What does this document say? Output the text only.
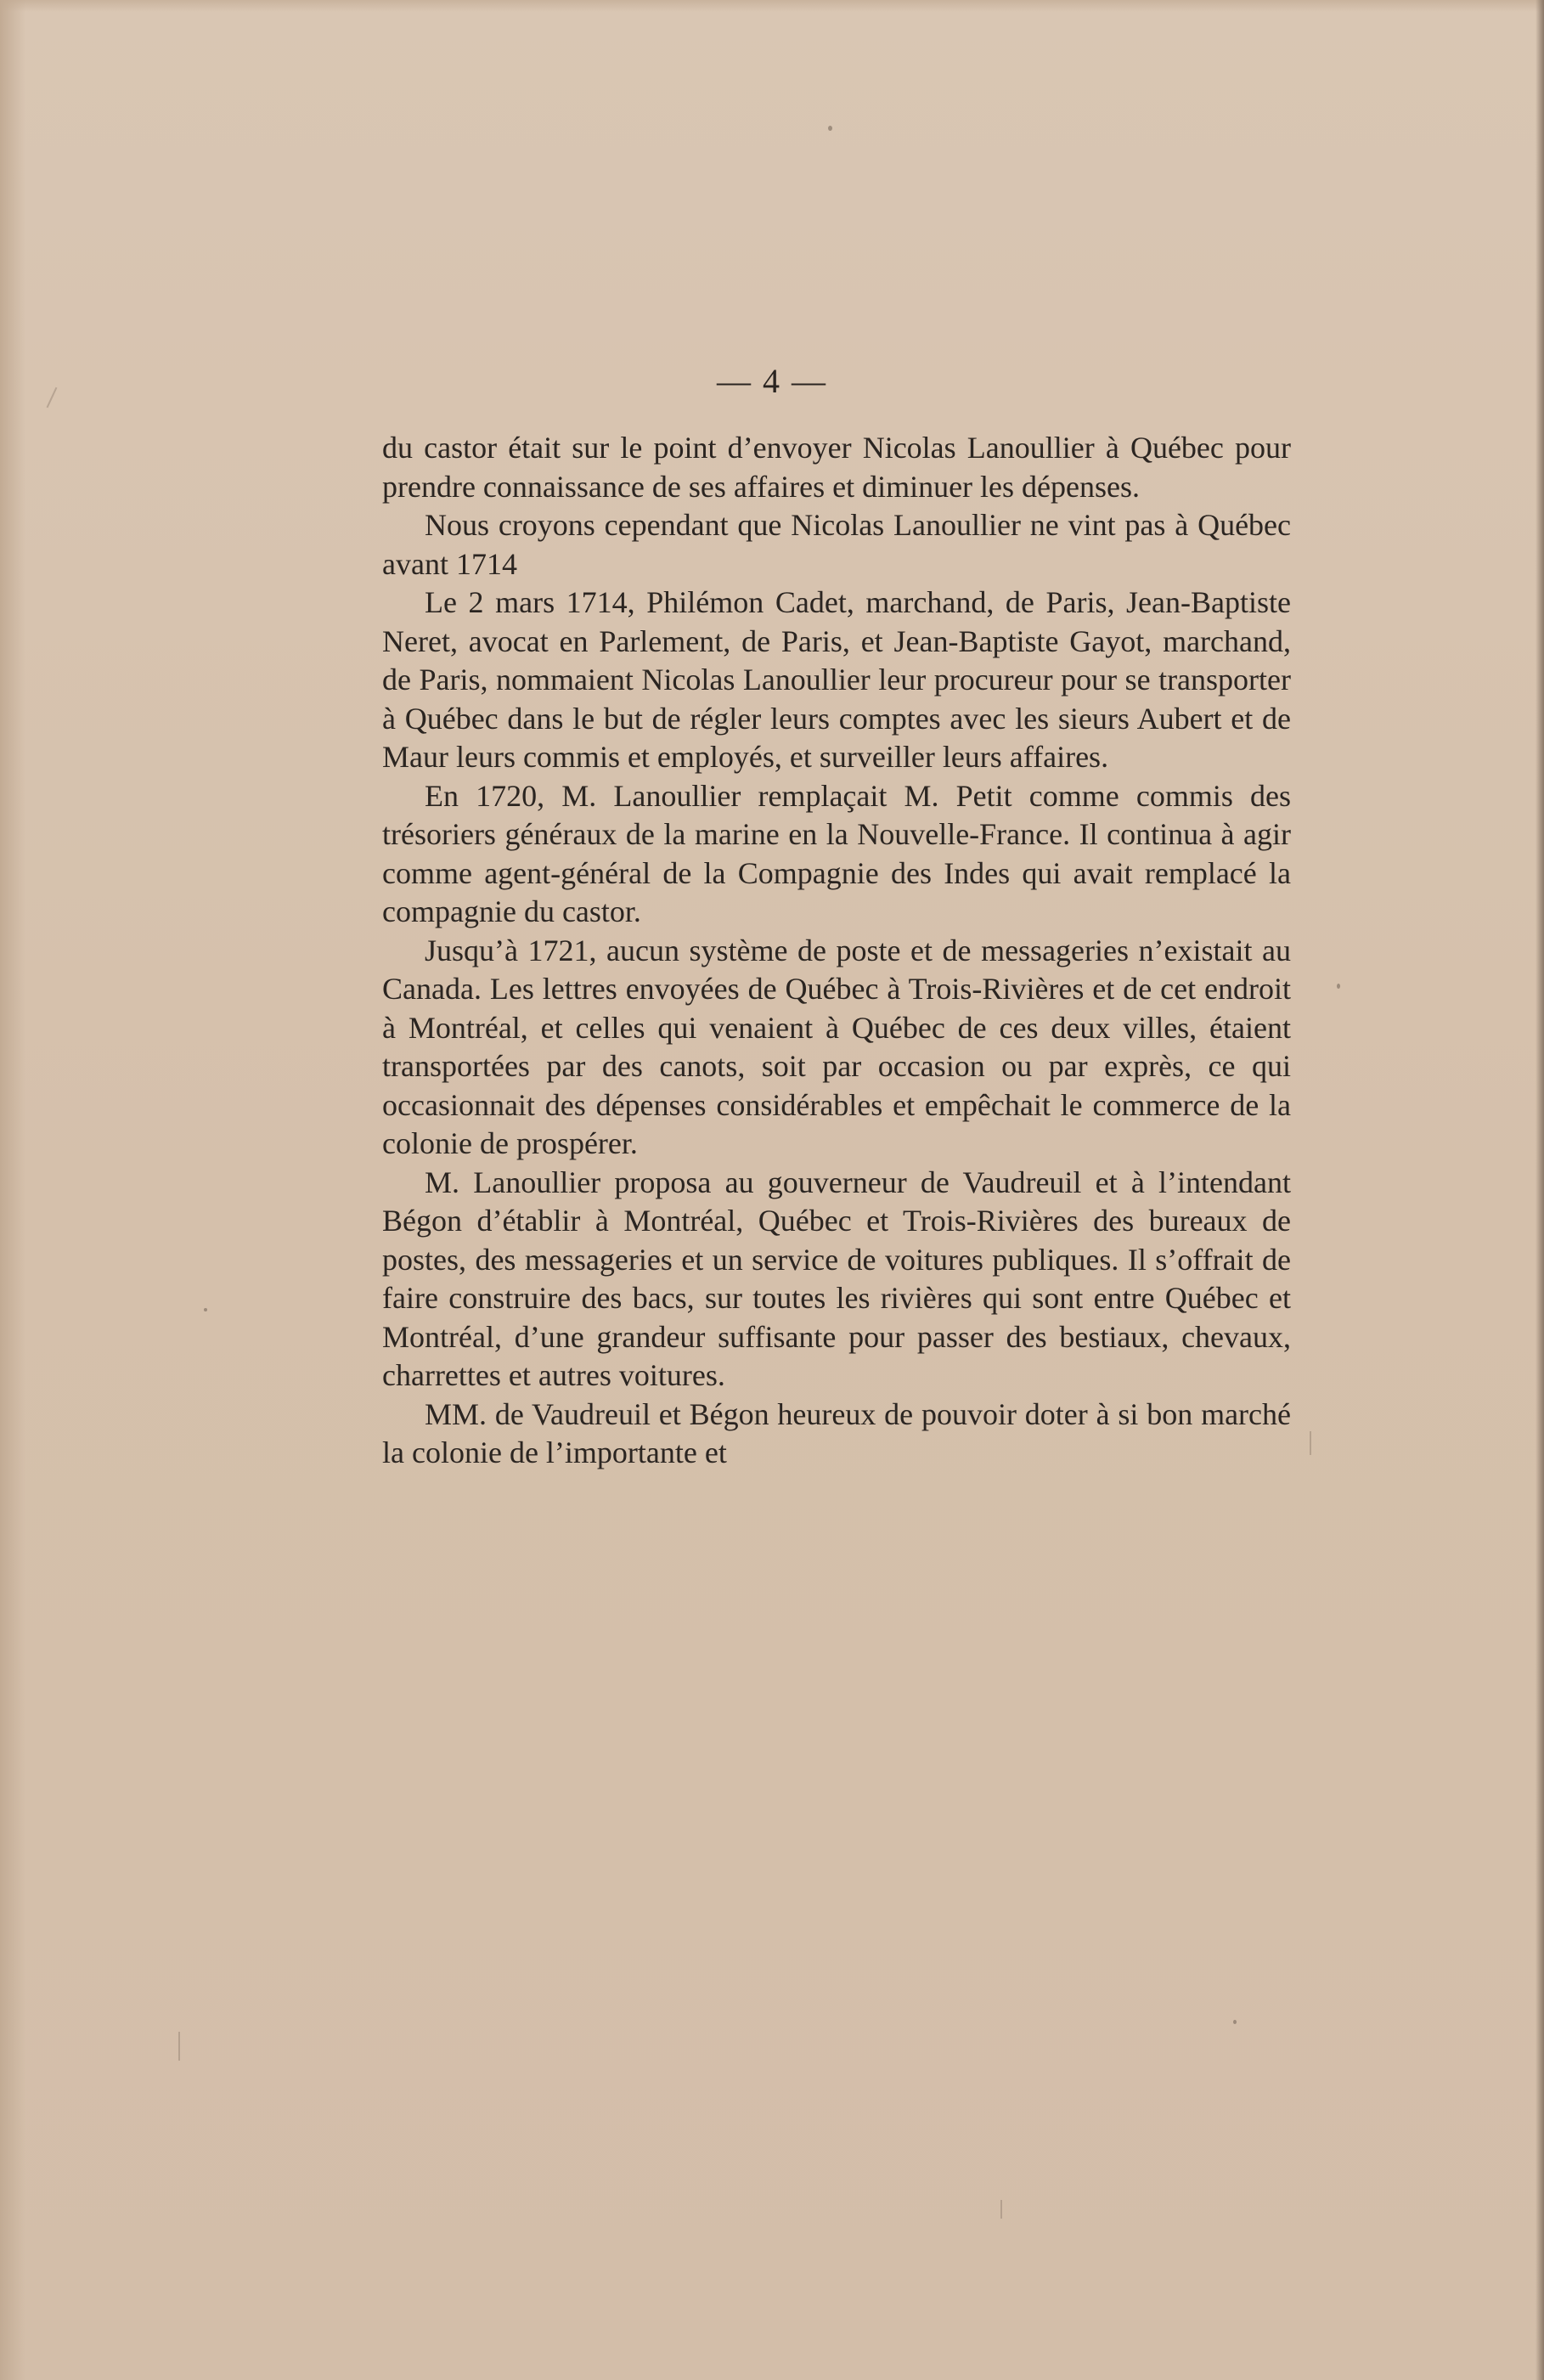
— 4 —

du castor était sur le point d’envoyer Nicolas Lanoullier à Québec pour prendre connaissance de ses affaires et diminuer les dépenses.

Nous croyons cependant que Nicolas Lanoullier ne vint pas à Québec avant 1714

Le 2 mars 1714, Philémon Cadet, marchand, de Paris, Jean-Baptiste Neret, avocat en Parlement, de Paris, et Jean-Baptiste Gayot, marchand, de Paris, nommaient Nicolas Lanoullier leur procureur pour se transporter à Québec dans le but de régler leurs comptes avec les sieurs Aubert et de Maur leurs commis et employés, et surveiller leurs affaires.

En 1720, M. Lanoullier remplaçait M. Petit comme commis des trésoriers généraux de la marine en la Nouvelle-France. Il continua à agir comme agent-général de la Compagnie des Indes qui avait remplacé la compagnie du castor.

Jusqu’à 1721, aucun système de poste et de messageries n’existait au Canada. Les lettres envoyées de Québec à Trois-Rivières et de cet endroit à Montréal, et celles qui venaient à Québec de ces deux villes, étaient transportées par des canots, soit par occasion ou par exprès, ce qui occasionnait des dépenses considérables et empêchait le commerce de la colonie de prospérer.

M. Lanoullier proposa au gouverneur de Vaudreuil et à l’intendant Bégon d’établir à Montréal, Québec et Trois-Rivières des bureaux de postes, des messageries et un service de voitures publiques. Il s’offrait de faire construire des bacs, sur toutes les rivières qui sont entre Québec et Montréal, d’une grandeur suffisante pour passer des bestiaux, chevaux, charrettes et autres voitures.

MM. de Vaudreuil et Bégon heureux de pouvoir doter à si bon marché la colonie de l’importante et
